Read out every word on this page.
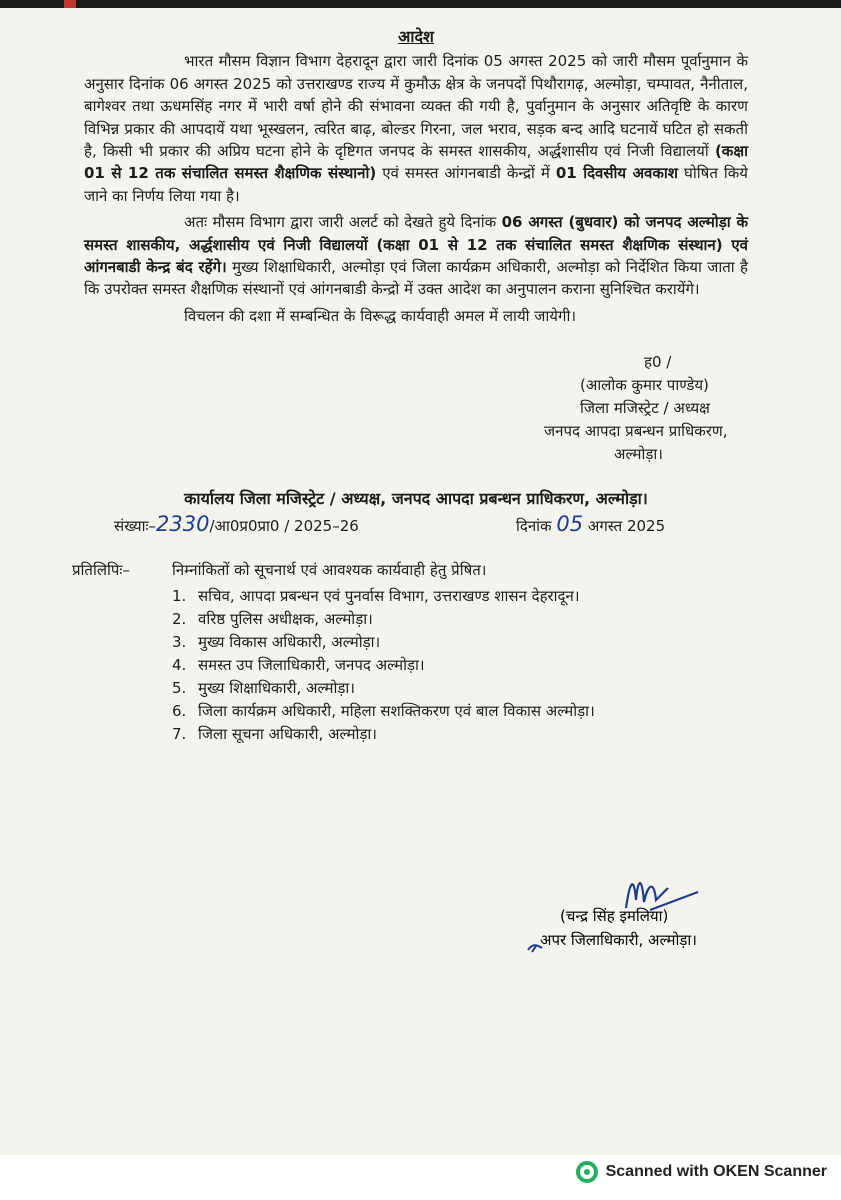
आदेश

भारत मौसम विज्ञान विभाग देहरादून द्वारा जारी दिनांक 05 अगस्त 2025 को जारी मौसम पूर्वानुमान के अनुसार दिनांक 06 अगस्त 2025 को उत्तराखण्ड राज्य में कुमौऊ क्षेत्र के जनपदों पिथौरागढ़, अल्मोड़ा, चम्पावत, नैनीताल, बागेश्वर तथा ऊधमसिंह नगर में भारी वर्षा होने की संभावना व्यक्त की गयी है, पुर्वानुमान के अनुसार अतिवृष्टि के कारण विभिन्न प्रकार की आपदायें यथा भूस्खलन, त्वरित बाढ़, बोल्डर गिरना, जल भराव, सड़क बन्द आदि घटनायें घटित हो सकती है, किसी भी प्रकार की अप्रिय घटना होने के दृष्टिगत जनपद के समस्त शासकीय, अर्द्धशासीय एवं निजी विद्यालयों (कक्षा 01 से 12 तक संचालित समस्त शैक्षणिक संस्थानो) एवं समस्त आंगनबाडी केन्द्रों में 01 दिवसीय अवकाश घोषित किये जाने का निर्णय लिया गया है।

अतः मौसम विभाग द्वारा जारी अलर्ट को देखते हुये दिनांक 06 अगस्त (बुधवार) को जनपद अल्मोड़ा के समस्त शासकीय, अर्द्धशासीय एवं निजी विद्यालयों (कक्षा 01 से 12 तक संचालित समस्त शैक्षणिक संस्थान) एवं आंगनबाडी केन्द्र बंद रहेंगे। मुख्य शिक्षाधिकारी, अल्मोड़ा एवं जिला कार्यक्रम अधिकारी, अल्मोड़ा को निर्देशित किया जाता है कि उपरोक्त समस्त शैक्षणिक संस्थानों एवं आंगनबाडी केन्द्रो में उक्त आदेश का अनुपालन कराना सुनिश्चित करायेंगे।

विचलन की दशा में सम्बन्धित के विरूद्ध कार्यवाही अमल में लायी जायेगी।

ह0 /
(आलोक कुमार पाण्डेय)
जिला मजिस्ट्रेट / अध्यक्ष
जनपद आपदा प्रबन्धन प्राधिकरण,
अल्मोड़ा।
कार्यालय जिला मजिस्ट्रेट / अध्यक्ष, जनपद आपदा प्रबन्धन प्राधिकरण, अल्मोड़ा।
संख्याः–2330/आ0प्र0प्रा0 / 2025–26	दिनांक 05 अगस्त 2025
प्रतिलिपिः–	निम्नांकितों को सूचनार्थ एवं आवश्यक कार्यवाही हेतु प्रेषित।
1. सचिव, आपदा प्रबन्धन एवं पुनर्वास विभाग, उत्तराखण्ड शासन देहरादून।
2. वरिष्ठ पुलिस अधीक्षक, अल्मोड़ा।
3. मुख्य विकास अधिकारी, अल्मोड़ा।
4. समस्त उप जिलाधिकारी, जनपद अल्मोड़ा।
5. मुख्य शिक्षाधिकारी, अल्मोड़ा।
6. जिला कार्यक्रम अधिकारी, महिला सशक्तिकरण एवं बाल विकास अल्मोड़ा।
7. जिला सूचना अधिकारी, अल्मोड़ा।
(चन्द्र सिंह इमलिया)
अपर जिलाधिकारी, अल्मोड़ा।
Scanned with OKEN Scanner
